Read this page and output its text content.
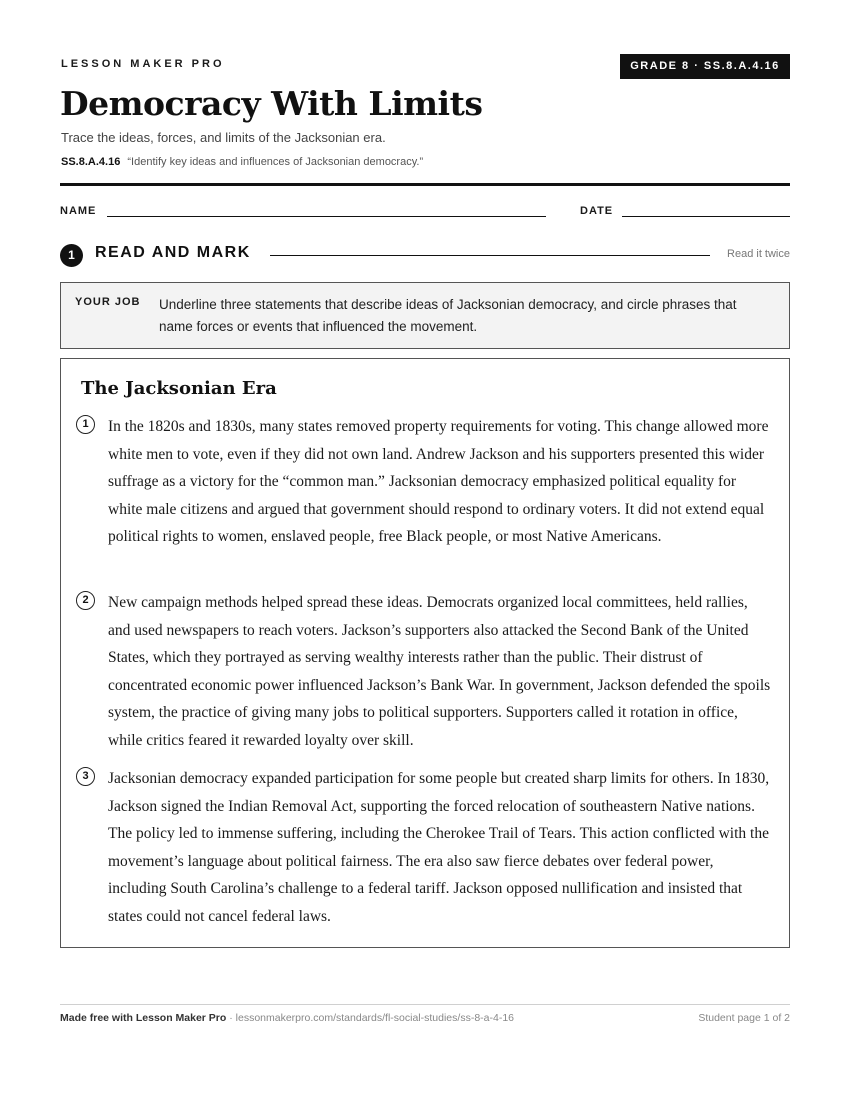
LESSON MAKER PRO	GRADE 8 · SS.8.A.4.16
Democracy With Limits
Trace the ideas, forces, and limits of the Jacksonian era.
SS.8.A.4.16 “Identify key ideas and influences of Jacksonian democracy.”
NAME	DATE
1	READ AND MARK	Read it twice
YOUR JOB Underline three statements that describe ideas of Jacksonian democracy, and circle phrases that name forces or events that influenced the movement.
The Jacksonian Era
1	In the 1820s and 1830s, many states removed property requirements for voting. This change allowed more white men to vote, even if they did not own land. Andrew Jackson and his supporters presented this wider suffrage as a victory for the “common man.” Jacksonian democracy emphasized political equality for white male citizens and argued that government should respond to ordinary voters. It did not extend equal political rights to women, enslaved people, free Black people, or most Native Americans.

2	New campaign methods helped spread these ideas. Democrats organized local committees, held rallies, and used newspapers to reach voters. Jackson’s supporters also attacked the Second Bank of the United States, which they portrayed as serving wealthy interests rather than the public. Their distrust of concentrated economic power influenced Jackson’s Bank War. In government, Jackson defended the spoils system, the practice of giving many jobs to political supporters. Supporters called it rotation in office, while critics feared it rewarded loyalty over skill.

3	Jacksonian democracy expanded participation for some people but created sharp limits for others. In 1830, Jackson signed the Indian Removal Act, supporting the forced relocation of southeastern Native nations. The policy led to immense suffering, including the Cherokee Trail of Tears. This action conflicted with the movement’s language about political fairness. The era also saw fierce debates over federal power, including South Carolina’s challenge to a federal tariff. Jackson opposed nullification and insisted that states could not cancel federal laws.

Made free with Lesson Maker Pro · lessonmakerpro.com/standards/fl-social-studies/ss-8-a-4-16	Student page 1 of 2
